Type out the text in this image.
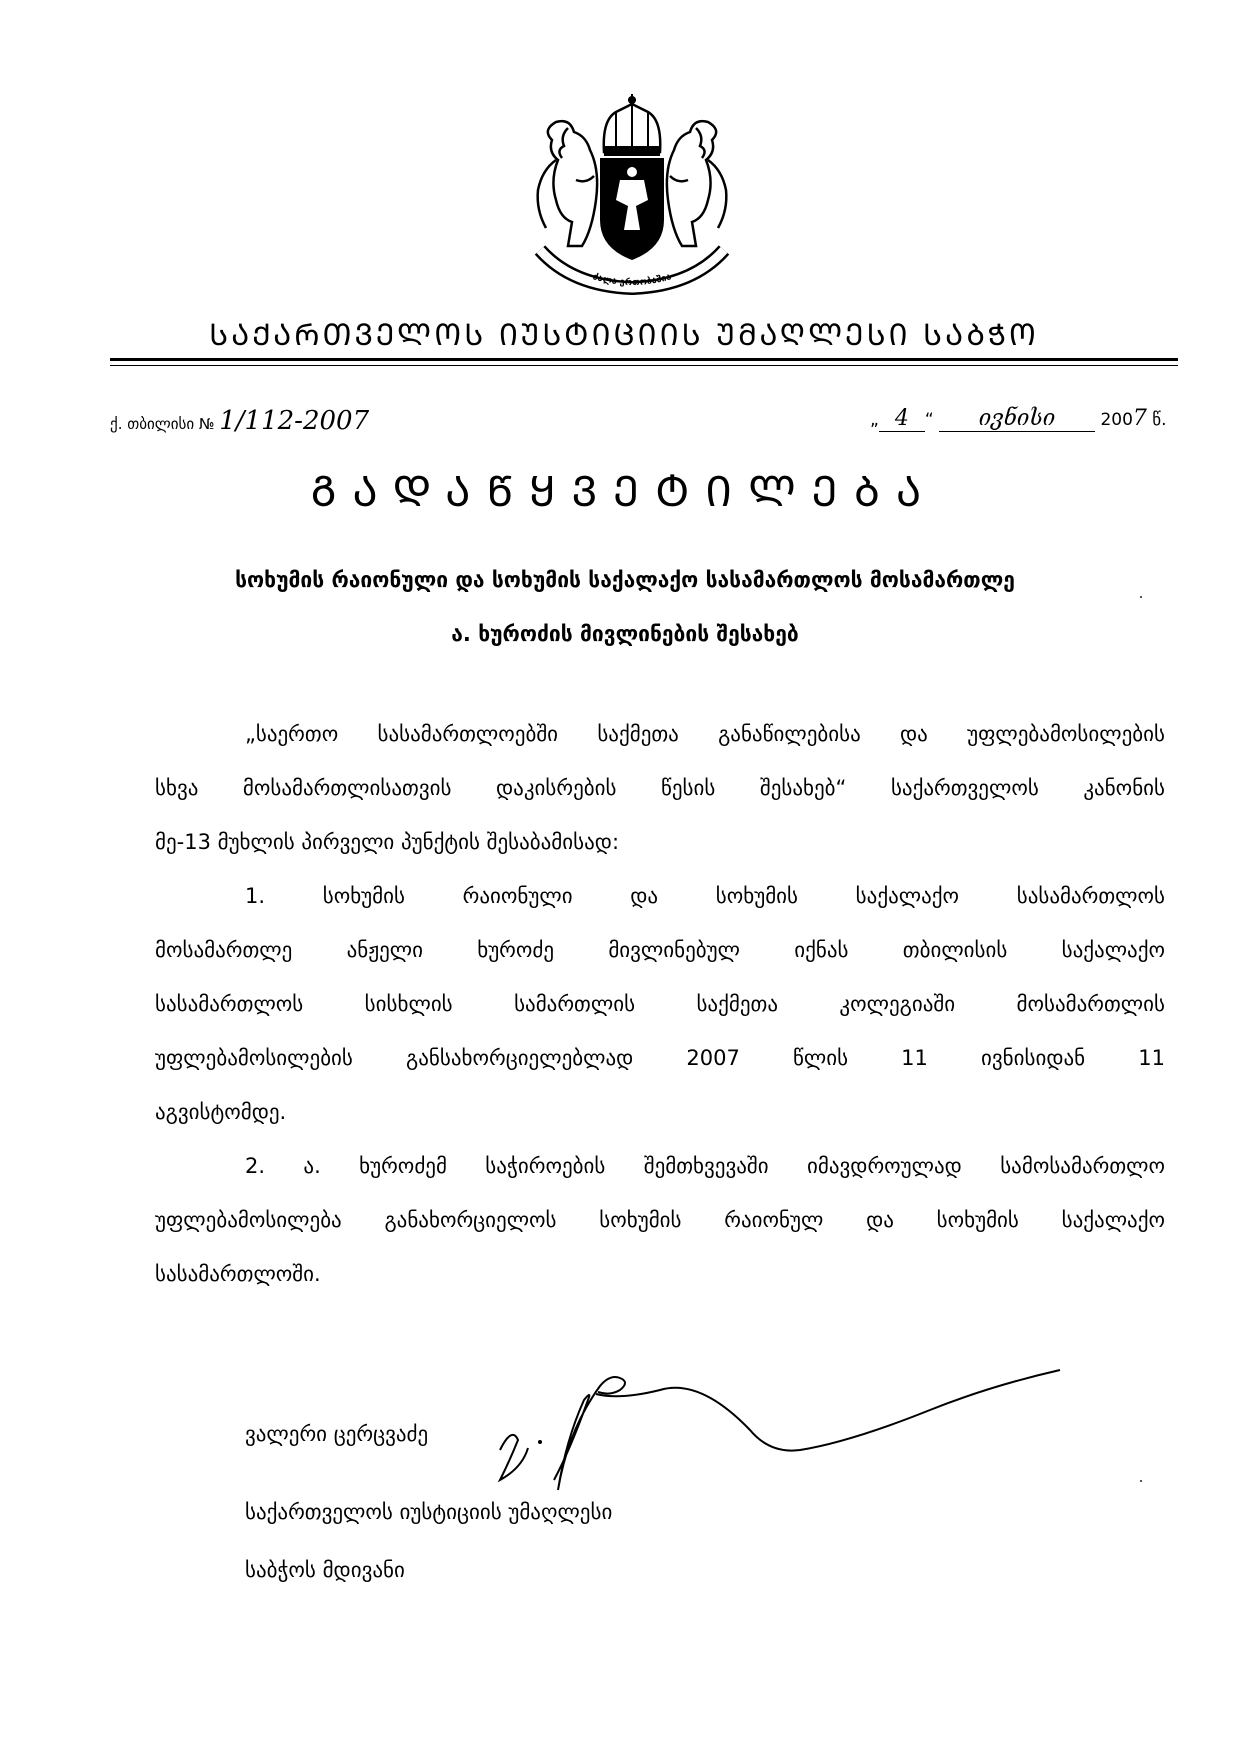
ძალა ერთობაშია
ᲡᲐᲥᲐᲠᲗᲕᲔᲚᲝᲡ ᲘᲣᲡᲢᲘᲪᲘᲘᲡ ᲣᲛᲐᲦᲚᲔᲡᲘ ᲡᲐᲑᲭᲝ
ქ. თბილისი № 1/112-2007	„ 4 “ ივნისი	2007 წ.
ᲒᲐᲓᲐᲬᲧᲕᲔᲢᲘᲚᲔᲑᲐ
სოხუმის რაიონული და სოხუმის საქალაქო სასამართლოს მოსამართლე
ა. ხუროძის მივლინების შესახებ
„საერთო სასამართლოებში საქმეთა განაწილებისა და უფლებამოსილების
სხვა მოსამართლისათვის დაკისრების წესის შესახებ“ საქართველოს კანონის
მე-13 მუხლის პირველი პუნქტის შესაბამისად:
1. სოხუმის რაიონული და სოხუმის საქალაქო სასამართლოს
მოსამართლე ანჟელი ხუროძე მივლინებულ იქნას თბილისის საქალაქო
სასამართლოს სისხლის სამართლის საქმეთა კოლეგიაში მოსამართლის
უფლებამოსილების განსახორციელებლად 2007 წლის 11 ივნისიდან 11
აგვისტომდე.
2. ა. ხუროძემ საჭიროების შემთხვევაში იმავდროულად სამოსამართლო
უფლებამოსილება განახორციელოს სოხუმის რაიონულ და სოხუმის საქალაქო
სასამართლოში.
ვალერი ცერცვაძე
საქართველოს იუსტიციის უმაღლესი
საბჭოს მდივანი
